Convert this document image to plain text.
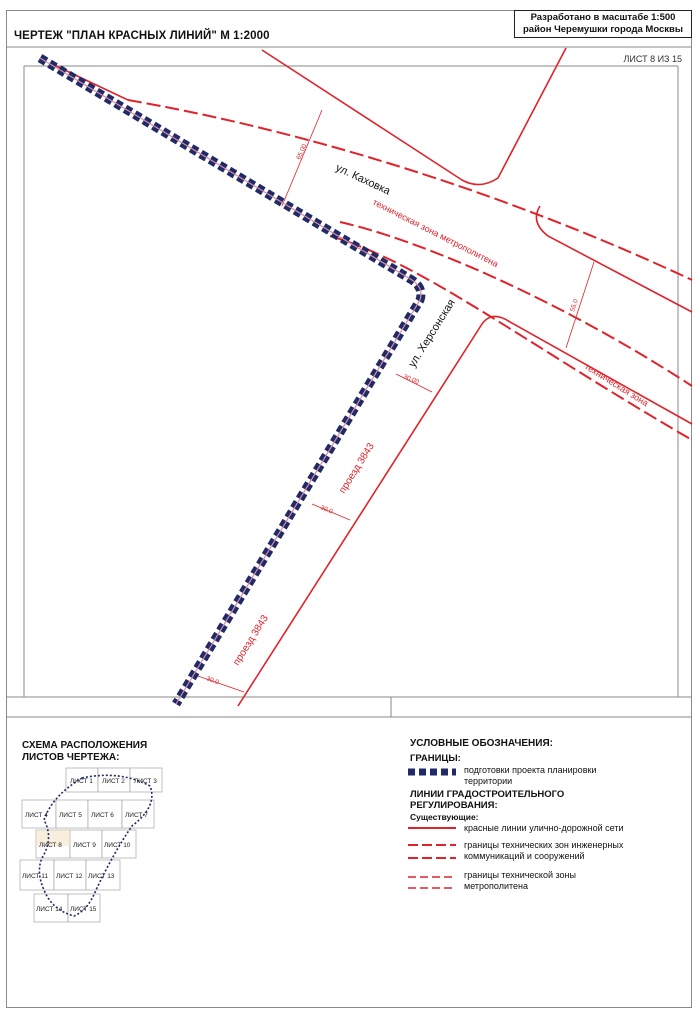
ЧЕРТЕЖ "ПЛАН КРАСНЫХ ЛИНИЙ" М 1:2000
Разработано в масштабе 1:500
район Черемушки города Москвы
ЛИСТ 8 ИЗ 15
65.00
55.0
30.00
30.0
30.0
ул. Каховка
ул. Херсонская
техническая зона метрополитена
техническая зона
проезд 3843
проезд 3843
ЛИСТ 1 ЛИСТ 2 ЛИСТ 3
ЛИСТ 4 ЛИСТ 5 ЛИСТ 6 ЛИСТ 7
ЛИСТ 8 ЛИСТ 9 ЛИСТ 10
ЛИСТ 11 ЛИСТ 12 ЛИСТ 13
ЛИСТ 14 ЛИСТ 15
СХЕМА РАСПОЛОЖЕНИЯ
ЛИСТОВ ЧЕРТЕЖА:
УСЛОВНЫЕ ОБОЗНАЧЕНИЯ:
ГРАНИЦЫ:
подготовки проекта планировки территории
ЛИНИИ ГРАДОСТРОИТЕЛЬНОГО РЕГУЛИРОВАНИЯ:
Существующие:
красные линии улично-дорожной сети
границы технических зон инженерных коммуникаций и сооружений
границы технической зоны метрополитена
